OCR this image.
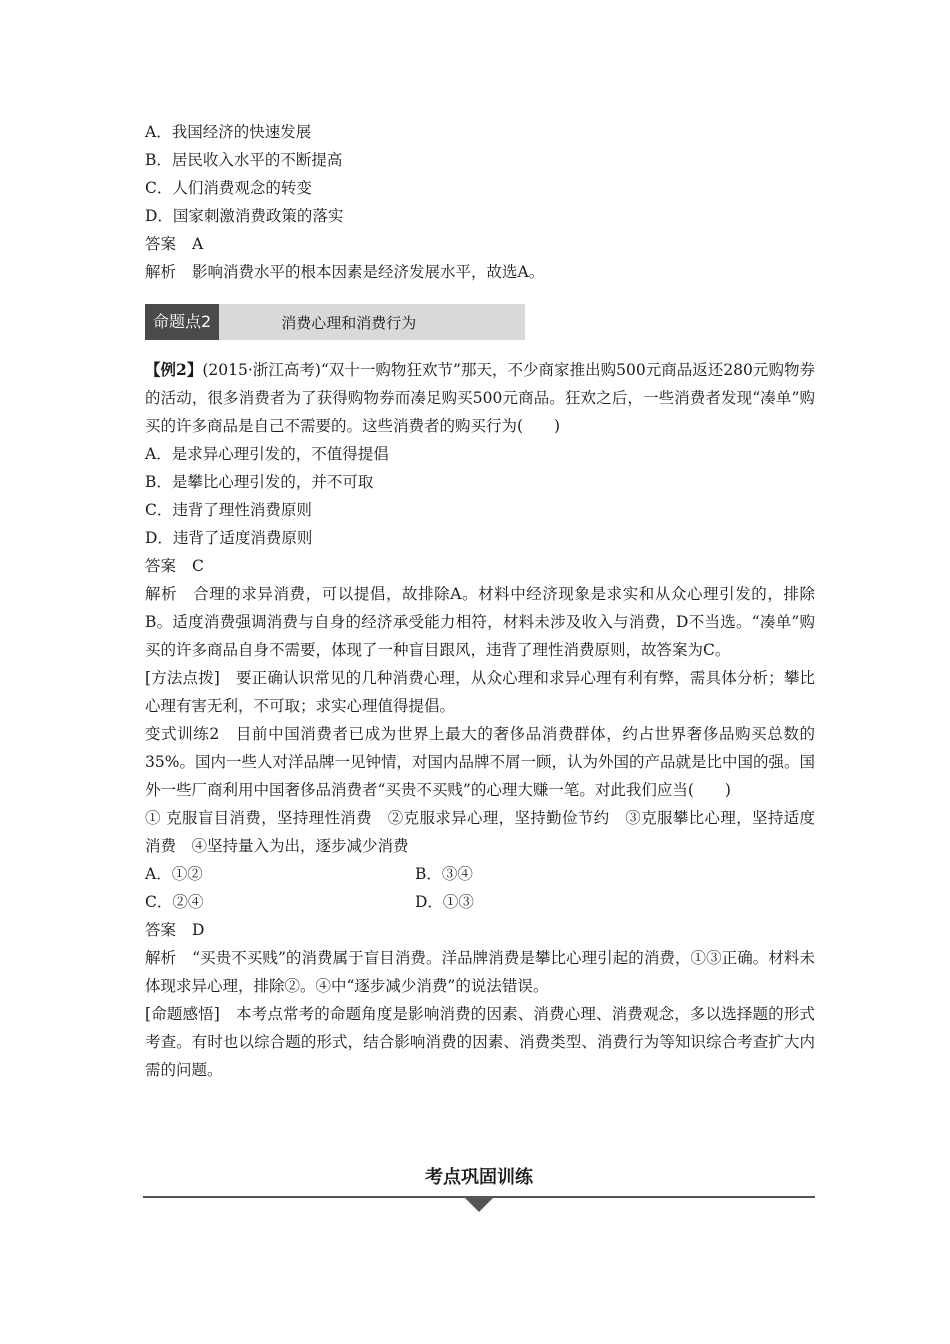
A．我国经济的快速发展
B．居民收入水平的不断提高
C．人们消费观念的转变
D．国家刺激消费政策的落实
答案 A
解析 影响消费水平的根本因素是经济发展水平，故选A。
命题点2	消费心理和消费行为
【例2】(2015·浙江高考)“双十一购物狂欢节”那天，不少商家推出购500元商品返还280元购物券的活动，很多消费者为了获得购物券而凑足购买500元商品。狂欢之后，一些消费者发现“凑单”购买的许多商品是自己不需要的。这些消费者的购买行为(　　)
A．是求异心理引发的，不值得提倡
B．是攀比心理引发的，并不可取
C．违背了理性消费原则
D．违背了适度消费原则
答案 C
解析 合理的求异消费，可以提倡，故排除A。材料中经济现象是求实和从众心理引发的，排除B。适度消费强调消费与自身的经济承受能力相符，材料未涉及收入与消费，D不当选。“凑单”购买的许多商品自身不需要，体现了一种盲目跟风，违背了理性消费原则，故答案为C。
[方法点拨] 要正确认识常见的几种消费心理，从众心理和求异心理有利有弊，需具体分析；攀比心理有害无利，不可取；求实心理值得提倡。
变式训练2 目前中国消费者已成为世界上最大的奢侈品消费群体，约占世界奢侈品购买总数的35%。国内一些人对洋品牌一见钟情，对国内品牌不屑一顾，认为外国的产品就是比中国的强。国外一些厂商利用中国奢侈品消费者“买贵不买贱”的心理大赚一笔。对此我们应当(　　)
① 克服盲目消费，坚持理性消费　②克服求异心理，坚持勤俭节约　③克服攀比心理，坚持适度消费　④坚持量入为出，逐步减少消费
A．①②	B．③④
C．②④	D．①③
答案 D
解析 “买贵不买贱”的消费属于盲目消费。洋品牌消费是攀比心理引起的消费，①③正确。材料未体现求异心理，排除②。④中“逐步减少消费”的说法错误。
[命题感悟] 本考点常考的命题角度是影响消费的因素、消费心理、消费观念，多以选择题的形式考查。有时也以综合题的形式，结合影响消费的因素、消费类型、消费行为等知识综合考查扩大内需的问题。
考点巩固训练
